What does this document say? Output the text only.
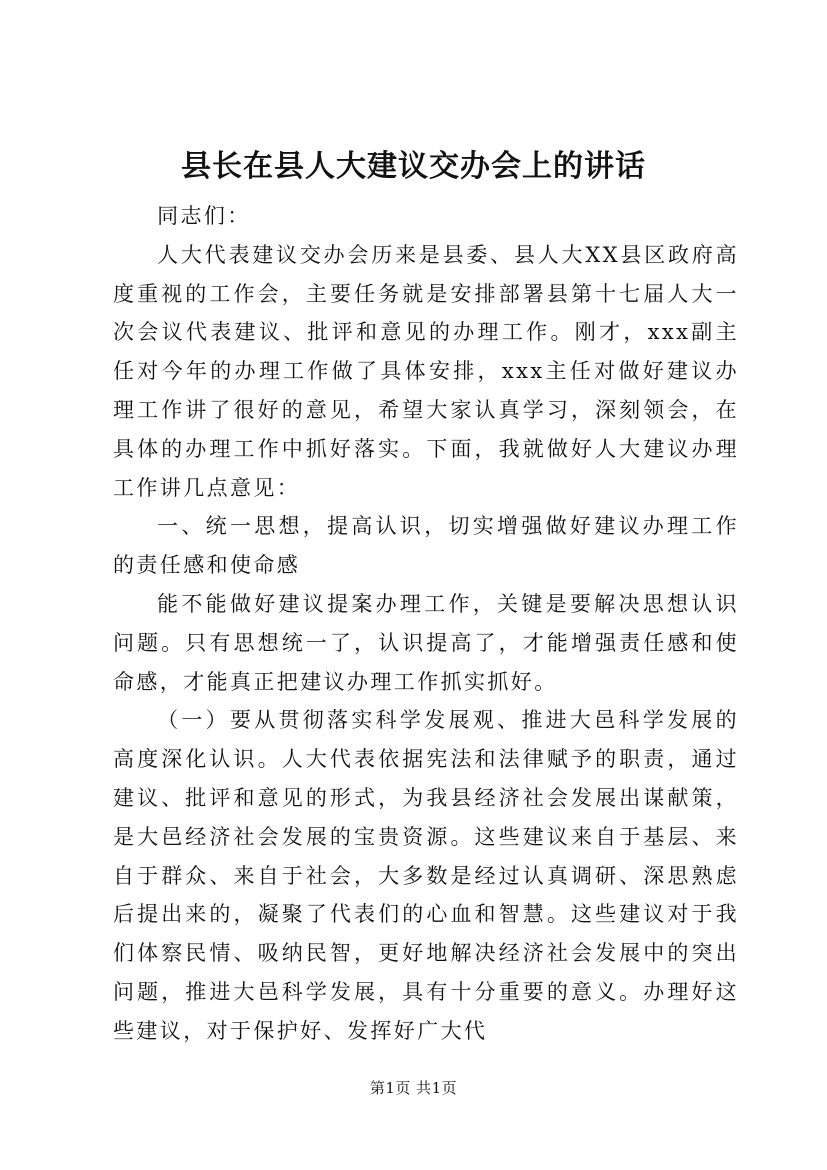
县长在县人大建议交办会上的讲话

同志们：

人大代表建议交办会历来是县委、县人大XX县区政府高度重视的工作会，主要任务就是安排部署县第十七届人大一次会议代表建议、批评和意见的办理工作。刚才，xxx副主任对今年的办理工作做了具体安排，xxx主任对做好建议办理工作讲了很好的意见，希望大家认真学习，深刻领会，在具体的办理工作中抓好落实。下面，我就做好人大建议办理工作讲几点意见：

一、统一思想，提高认识，切实增强做好建议办理工作的责任感和使命感

能不能做好建议提案办理工作，关键是要解决思想认识问题。只有思想统一了，认识提高了，才能增强责任感和使命感，才能真正把建议办理工作抓实抓好。

（一）要从贯彻落实科学发展观、推进大邑科学发展的高度深化认识。人大代表依据宪法和法律赋予的职责，通过建议、批评和意见的形式，为我县经济社会发展出谋献策，是大邑经济社会发展的宝贵资源。这些建议来自于基层、来自于群众、来自于社会，大多数是经过认真调研、深思熟虑后提出来的，凝聚了代表们的心血和智慧。这些建议对于我们体察民情、吸纳民智，更好地解决经济社会发展中的突出问题，推进大邑科学发展，具有十分重要的意义。办理好这些建议，对于保护好、发挥好广大代

第1页 共1页
